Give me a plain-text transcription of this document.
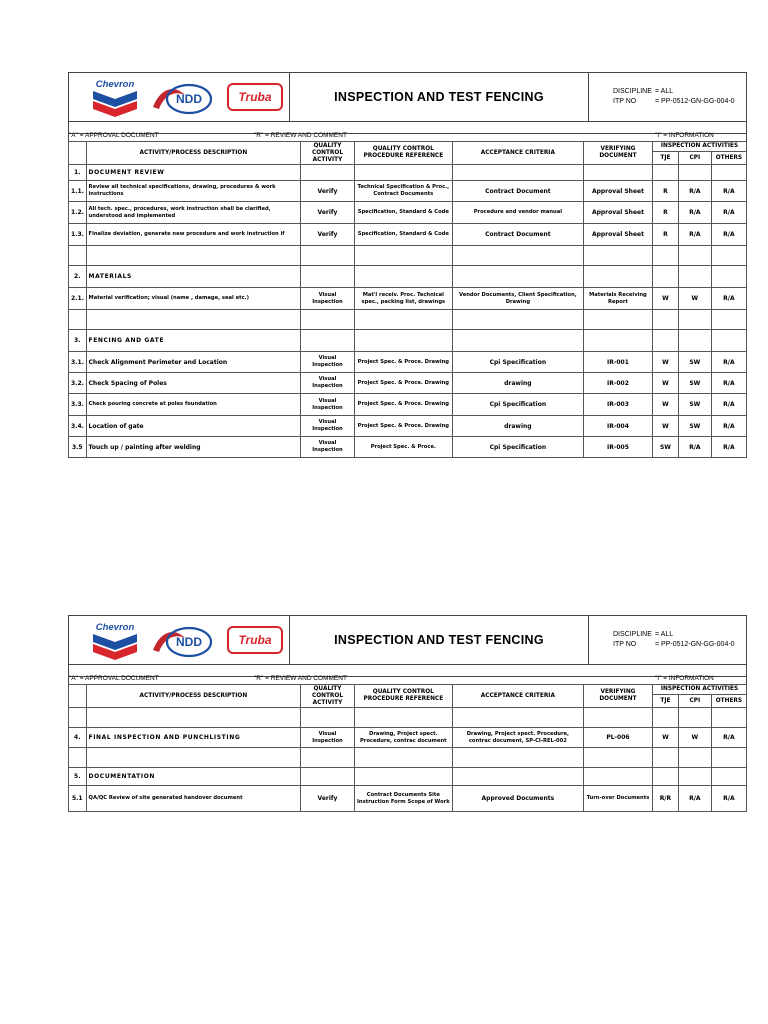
Chevron
NDD	Truba	INSPECTION AND TEST FENCING	DISCIPLINE = ALL
ITP NO	= PP-0512-GN-GG-004-0
"A" = APPROVAL DOCUMENT	"R" = REVIEW AND COMMENT	"I" = INFORMATION
	ACTIVITY/PROCESS DESCRIPTION	QUALITY CONTROL ACTIVITY	QUALITY CONTROL PROCEDURE REFERENCE	ACCEPTANCE CRITERIA	VERIFYING DOCUMENT	INSPECTION ACTIVITIES		
						TJE	CPI	OTHERS
1.	DOCUMENT REVIEW							
1.1.	Review all technical specifications, drawing, procedures & work instructions	Verify	Technical Specification & Proc., Contract Documents	Contract Document	Approval Sheet	R	R/A	R/A
1.2.	All tech. spec., procedures, work instruction shall be clarified, understood and implemented	Verify	Specification, Standard & Code	Procedure and vendor manual	Approval Sheet	R	R/A	R/A
1.3.	Finalize deviation, generate new procedure and work instruction if	Verify	Specification, Standard & Code	Contract Document	Approval Sheet	R	R/A	R/A

2.	MATERIALS							
2.1.	Material verification; visual (name , damage, seal etc.)	Visual Inspection	Mat'l receiv. Proc. Technical spec., packing list, drawings	Vendor Documents, Client Specification, Drawing	Materials Receiving Report	W	W	R/A

3.	FENCING AND GATE							
3.1.	Check Alignment Perimeter and Location	Visual Inspection	Project Spec. & Proce. Drawing	Cpi Specification	IR-001	W	SW	R/A
3.2.	Check Spacing of Poles	Visual Inspection	Project Spec. & Proce. Drawing	drawing	IR-002	W	SW	R/A
3.3.	Check pouring concrete at poles foundation	Visual Inspection	Project Spec. & Proce. Drawing	Cpi Specification	IR-003	W	SW	R/A
3.4.	Location of gate	Visual Inspection	Project Spec. & Proce. Drawing	drawing	IR-004	W	SW	R/A
3.5	Touch up / painting after welding	Visual Inspection	Project Spec. & Proce.	Cpi Specification	IR-005	SW	R/A	R/A
Chevron
NDD	Truba	INSPECTION AND TEST FENCING	DISCIPLINE = ALL
ITP NO	= PP-0512-GN-GG-004-0
"A" = APPROVAL DOCUMENT	"R" = REVIEW AND COMMENT	"I" = INFORMATION
	ACTIVITY/PROCESS DESCRIPTION	QUALITY CONTROL ACTIVITY	QUALITY CONTROL PROCEDURE REFERENCE	ACCEPTANCE CRITERIA	VERIFYING DOCUMENT	INSPECTION ACTIVITIES		
						TJE	CPI	OTHERS

4.	FINAL INSPECTION AND PUNCHLISTING	Visual Inspection	Drawing, Project spect. Procedure, contrac document	Drawing, Project spect. Procedure, contrac document, SP-CI-REL-002	PL-006	W	W	R/A

5.	DOCUMENTATION							
5.1	QA/QC Review of site generated handover document	Verify	Contract Documents Site Instruction Form Scope of Work	Approved Documents	Turn-over Documents	R/R	R/A	R/A
